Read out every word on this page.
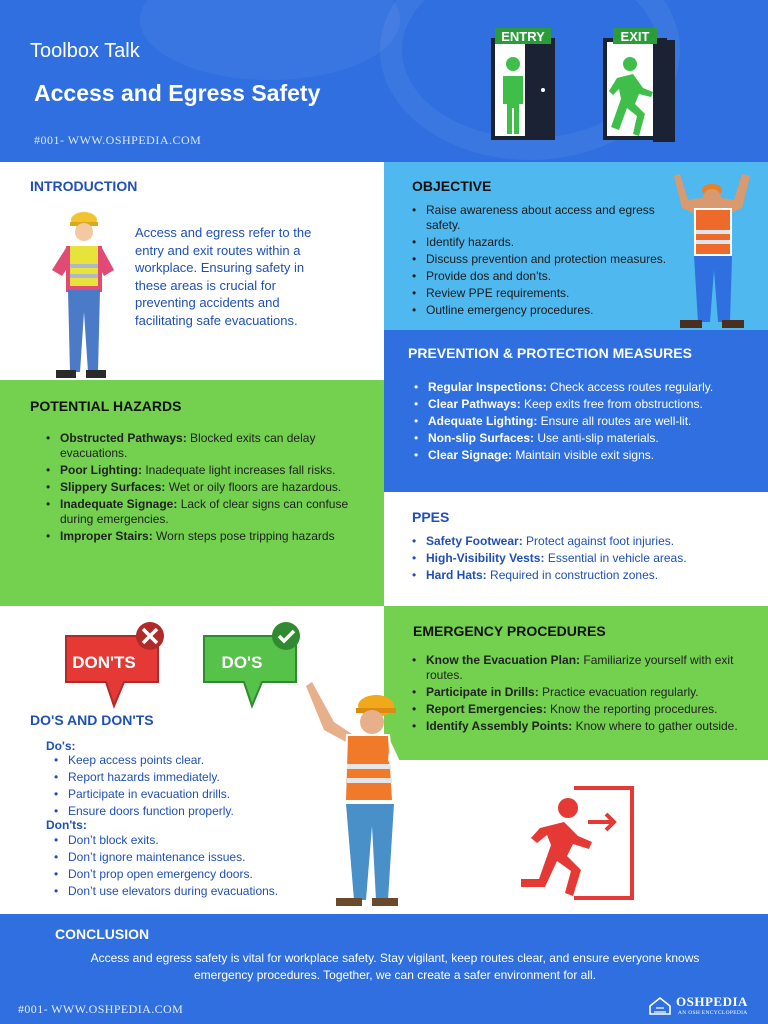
Toolbox Talk
Access and Egress Safety
#001- WWW.OSHPEDIA.COM
ENTRY	EXIT
INTRODUCTION
Access and egress refer to the entry and exit routes within a workplace. Ensuring safety in these areas is crucial for preventing accidents and facilitating safe evacuations.
OBJECTIVE
• Raise awareness about access and egress safety.
• Identify hazards.
• Discuss prevention and protection measures.
• Provide dos and don'ts.
• Review PPE requirements.
• Outline emergency procedures.
PREVENTION & PROTECTION MEASURES
• Regular Inspections: Check access routes regularly.
• Clear Pathways: Keep exits free from obstructions.
• Adequate Lighting: Ensure all routes are well-lit.
• Non-slip Surfaces: Use anti-slip materials.
• Clear Signage: Maintain visible exit signs.
POTENTIAL HAZARDS
• Obstructed Pathways: Blocked exits can delay evacuations.
• Poor Lighting: Inadequate light increases fall risks.
• Slippery Surfaces: Wet or oily floors are hazardous.
• Inadequate Signage: Lack of clear signs can confuse during emergencies.
• Improper Stairs: Worn steps pose tripping hazards
PPES
• Safety Footwear: Protect against foot injuries.
• High-Visibility Vests: Essential in vehicle areas.
• Hard Hats: Required in construction zones.
EMERGENCY PROCEDURES
• Know the Evacuation Plan: Familiarize yourself with exit routes.
• Participate in Drills: Practice evacuation regularly.
• Report Emergencies: Know the reporting procedures.
• Identify Assembly Points: Know where to gather outside.
DON'TS	DO'S
DO'S AND DON'TS
Do's:
• Keep access points clear.
• Report hazards immediately.
• Participate in evacuation drills.
• Ensure doors function properly.
Don'ts:
• Don’t block exits.
• Don’t ignore maintenance issues.
• Don’t prop open emergency doors.
• Don’t use elevators during evacuations.
CONCLUSION
Access and egress safety is vital for workplace safety. Stay vigilant, keep routes clear, and ensure everyone knows emergency procedures. Together, we can create a safer environment for all.
#001- WWW.OSHPEDIA.COM	OSHPEDIA
AN OSH ENCYCLOPEDIA
